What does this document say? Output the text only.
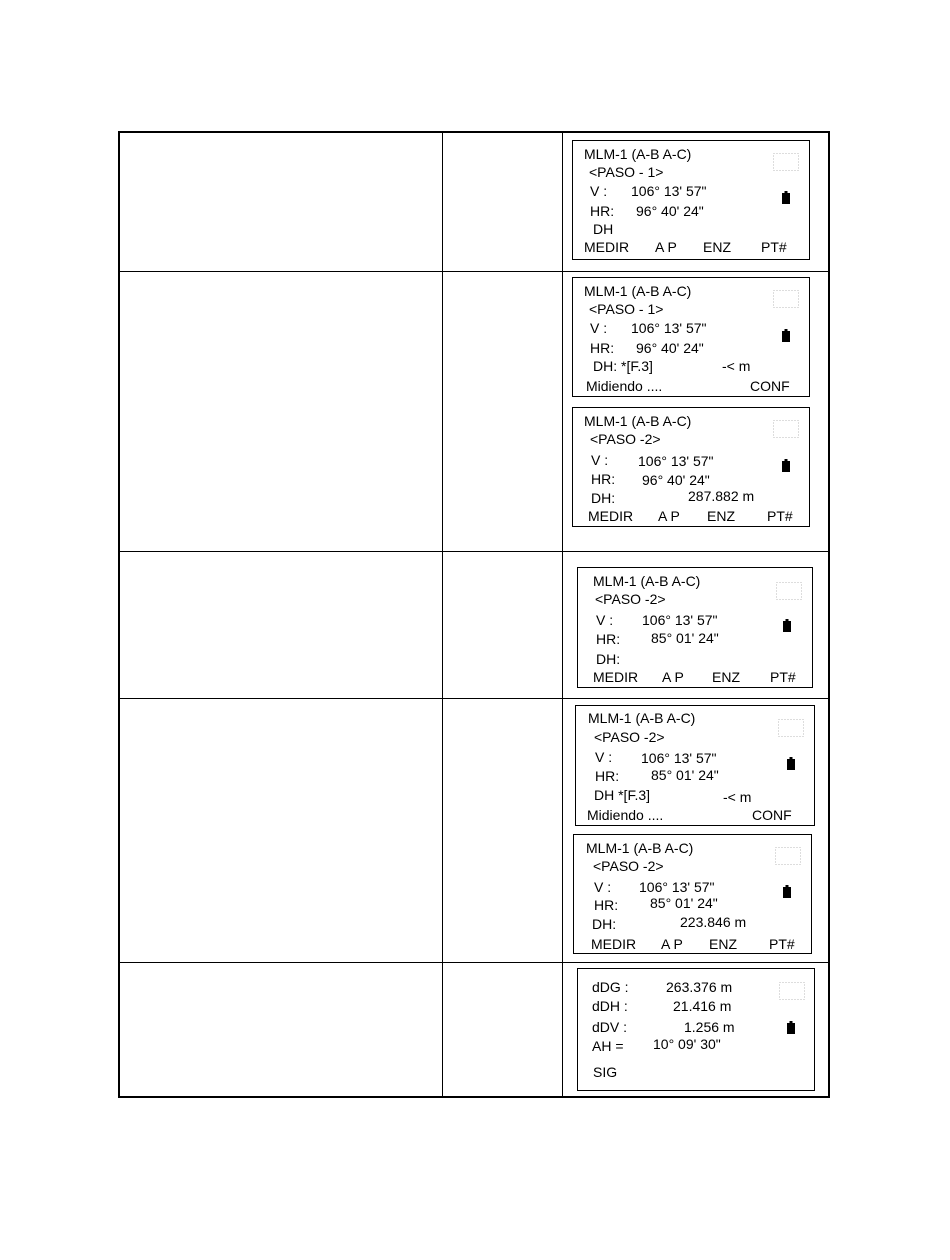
MLM-1 (A-B A-C)
<PASO - 1>
V : 106° 13' 57"
HR: 96° 40' 24"
DH
MEDIR A P ENZ PT#
MLM-1 (A-B A-C)
<PASO - 1>
V : 106° 13' 57"
HR: 96° 40' 24"
DH: *[F.3]	-< m
Midiendo ....	CONF
MLM-1 (A-B A-C)
<PASO -2>
V : 106° 13' 57"
HR: 96° 40' 24"
DH:	287.882 m
MEDIR A P ENZ PT#
MLM-1 (A-B A-C)
<PASO -2>
V : 106° 13' 57"
HR: 85° 01' 24"
DH:
MEDIR A P ENZ PT#
MLM-1 (A-B A-C)
<PASO -2>
V : 106° 13' 57"
HR: 85° 01' 24"
DH *[F.3]	-< m
Midiendo ....	CONF
MLM-1 (A-B A-C)
<PASO -2>
V : 106° 13' 57"
HR: 85° 01' 24"
DH:	223.846 m
MEDIR A P ENZ PT#
dDG :	263.376 m
dDH :	21.416 m
dDV :	1.256 m
AH = 10° 09' 30"
SIG
